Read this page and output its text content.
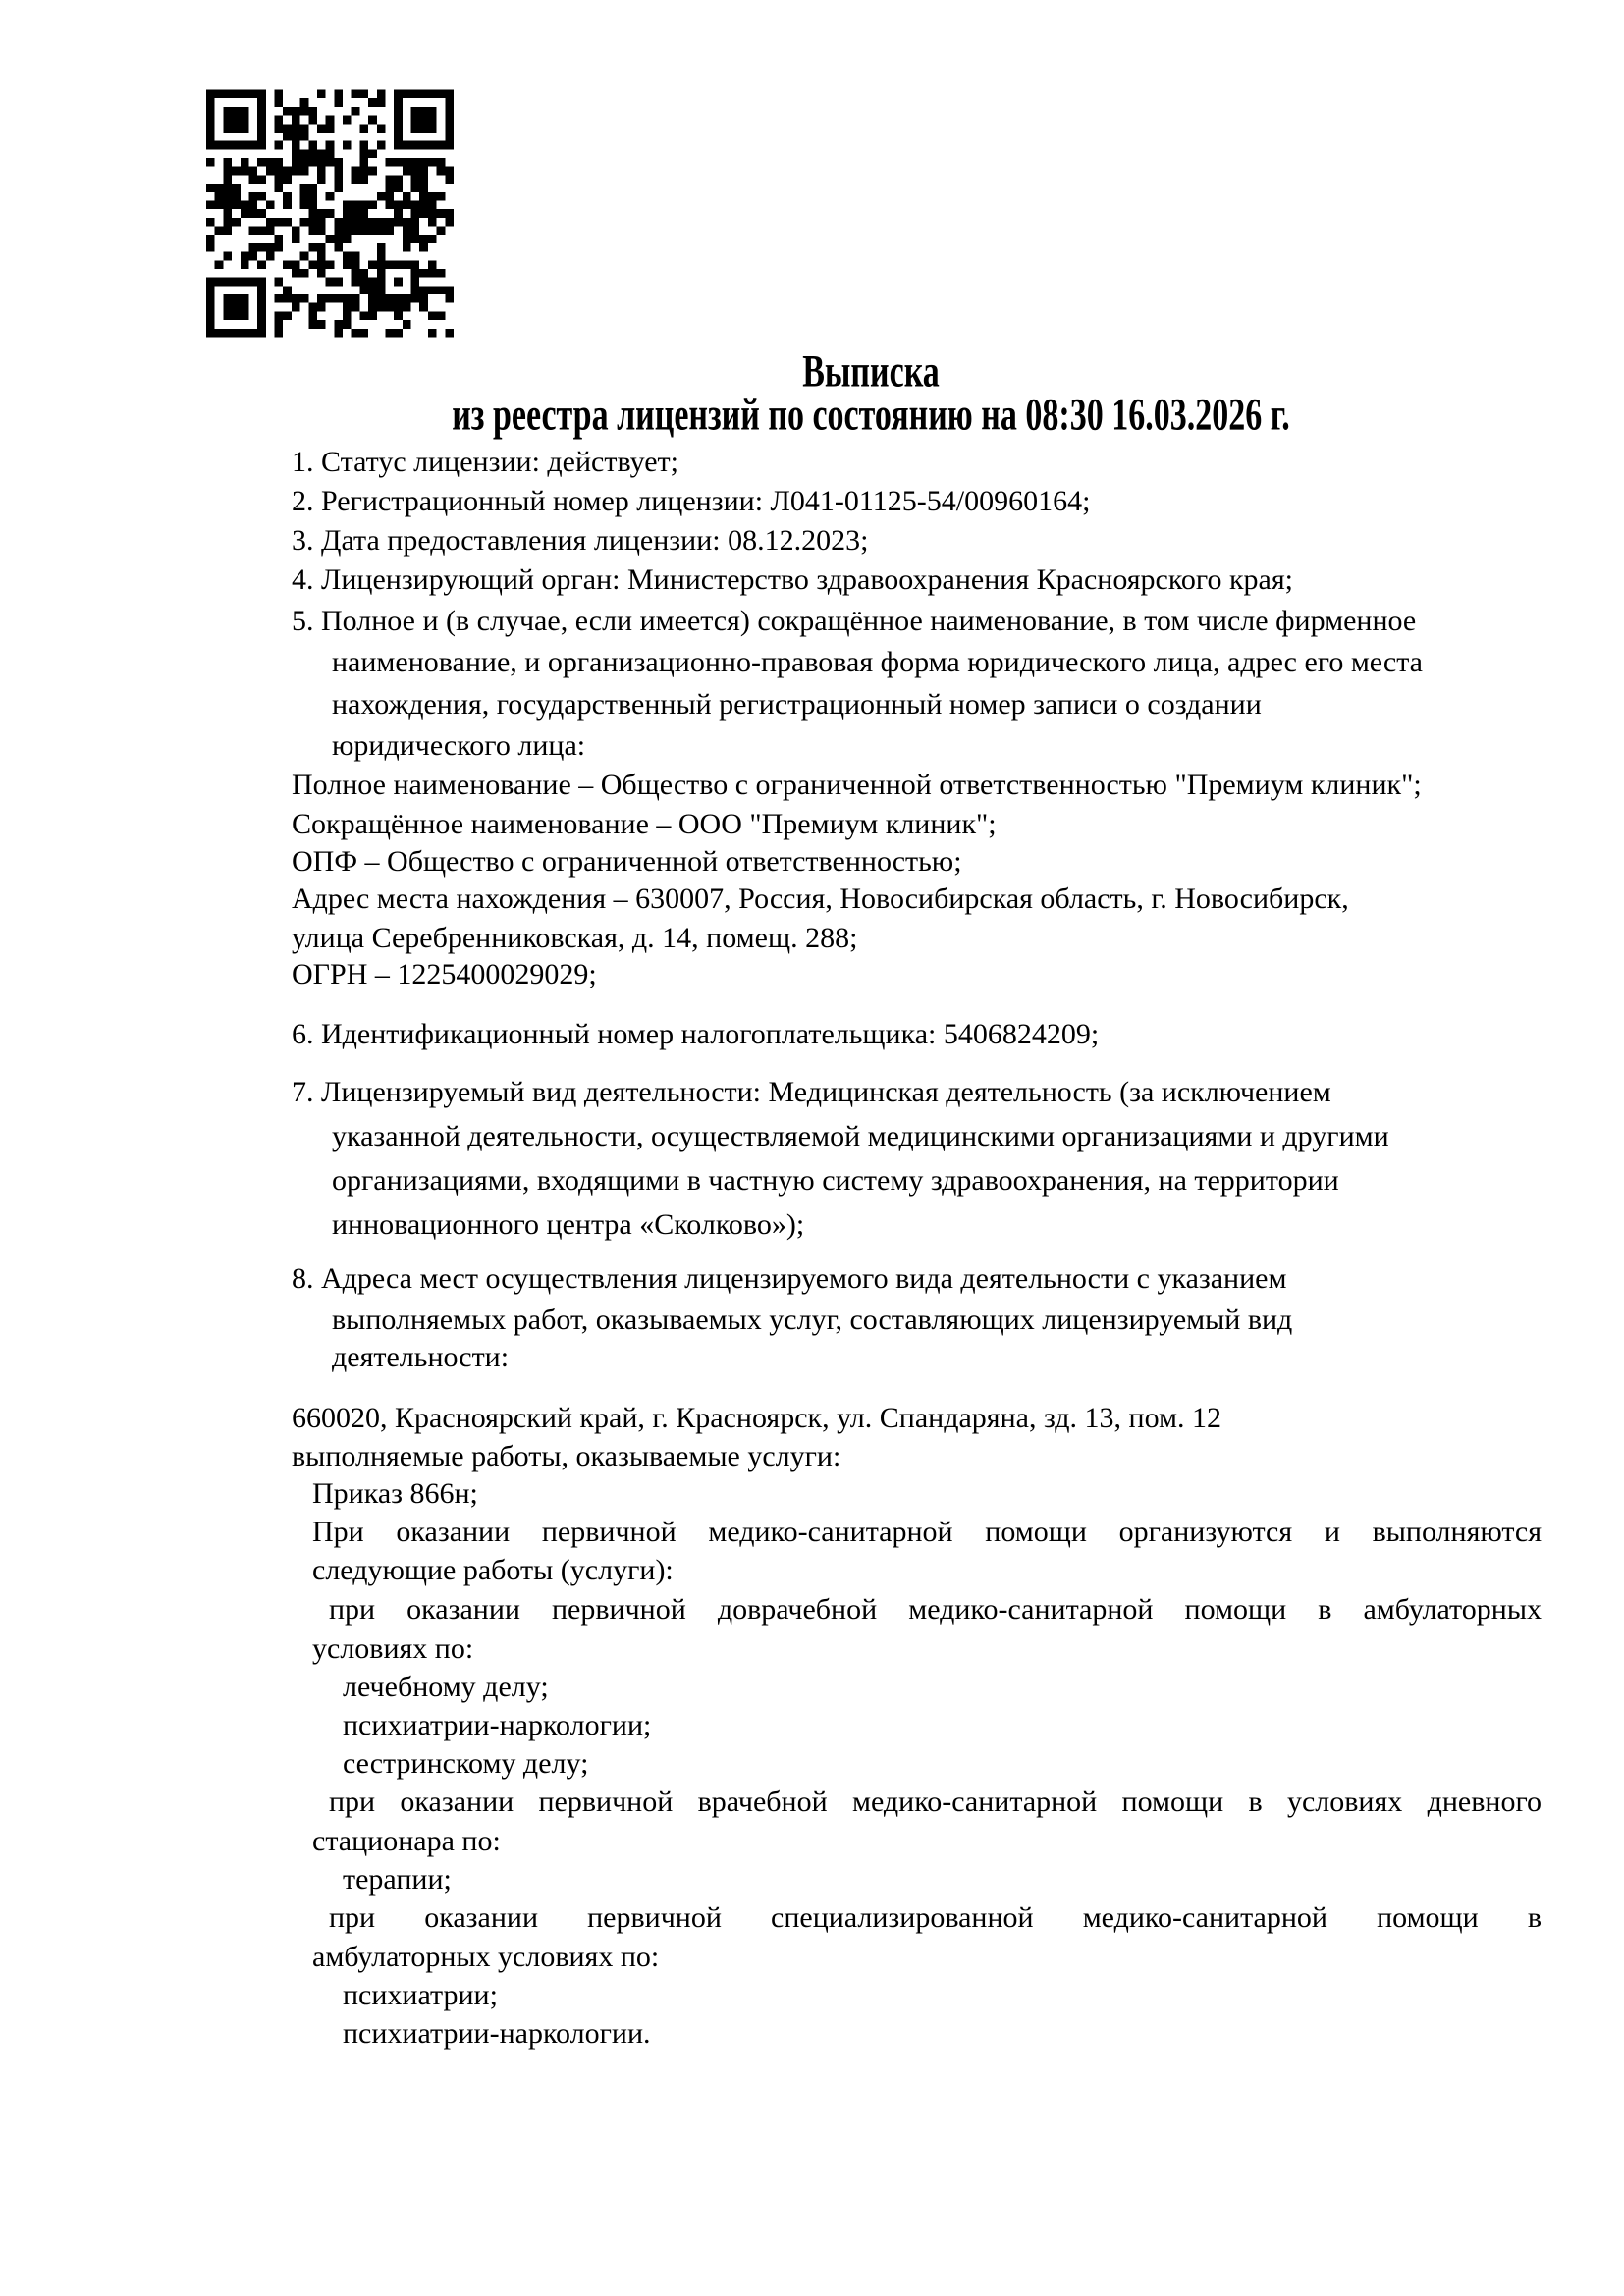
Выписка
из реестра лицензий по состоянию на 08:30 16.03.2026 г.
1. Статус лицензии: действует;
2. Регистрационный номер лицензии: Л041-01125-54/00960164;
3. Дата предоставления лицензии: 08.12.2023;
4. Лицензирующий орган: Министерство здравоохранения Красноярского края;
5. Полное и (в случае, если имеется) сокращённое наименование, в том числе фирменное
наименование, и организационно-правовая форма юридического лица, адрес его места
нахождения, государственный регистрационный номер записи о создании
юридического лица:
Полное наименование – Общество с ограниченной ответственностью "Премиум клиник";
Сокращённое наименование – ООО "Премиум клиник";
ОПФ – Общество с ограниченной ответственностью;
Адрес места нахождения – 630007, Россия, Новосибирская область, г. Новосибирск,
улица Серебренниковская, д. 14, помещ. 288;
ОГРН – 1225400029029;
6. Идентификационный номер налогоплательщика: 5406824209;
7. Лицензируемый вид деятельности: Медицинская деятельность (за исключением
указанной деятельности, осуществляемой медицинскими организациями и другими
организациями, входящими в частную систему здравоохранения, на территории
инновационного центра «Сколково»);
8. Адреса мест осуществления лицензируемого вида деятельности с указанием
выполняемых работ, оказываемых услуг, составляющих лицензируемый вид
деятельности:
660020, Красноярский край, г. Красноярск, ул. Спандаряна, зд. 13, пом. 12
выполняемые работы, оказываемые услуги:
Приказ 866н;
При оказании первичной медико-санитарной помощи организуются и выполняются
следующие работы (услуги):
при оказании первичной доврачебной медико-санитарной помощи в амбулаторных
условиях по:
лечебному делу;
психиатрии-наркологии;
сестринскому делу;
при оказании первичной врачебной медико-санитарной помощи в условиях дневного
стационара по:
терапии;
при оказании первичной специализированной медико-санитарной помощи в
амбулаторных условиях по:
психиатрии;
психиатрии-наркологии.
